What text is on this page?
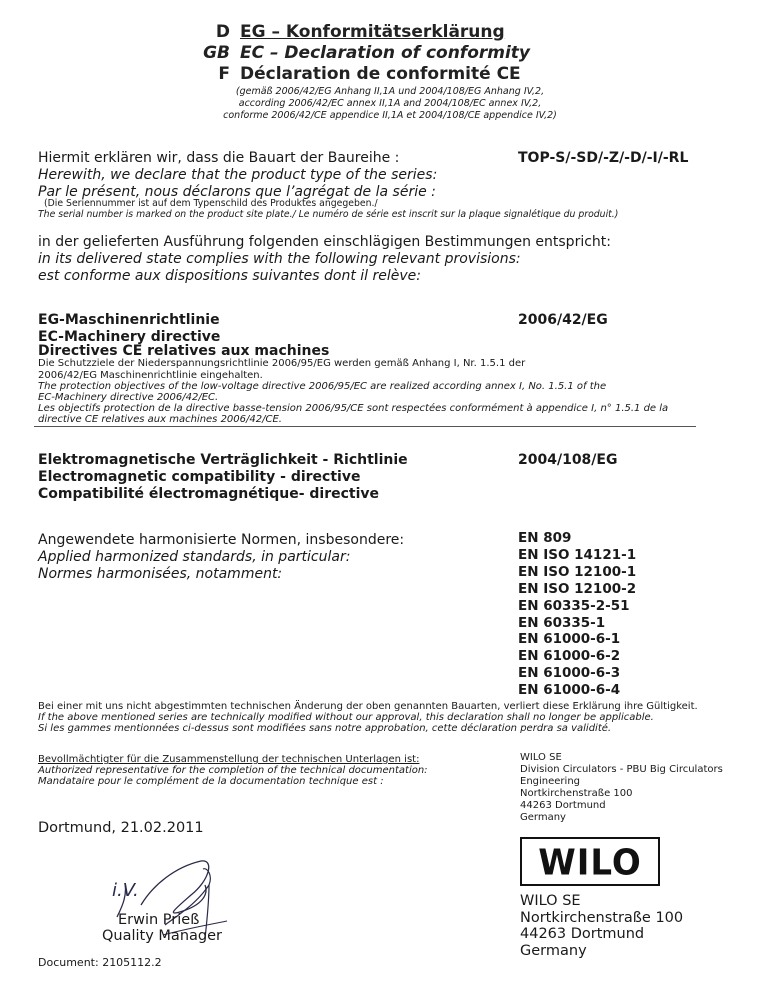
D EG – Konformitätserklärung
GB EC – Declaration of conformity
F Déclaration de conformité CE
(gemäß 2006/42/EG Anhang II,1A und 2004/108/EG Anhang IV,2,
according 2006/42/EC annex II,1A and 2004/108/EC annex IV,2,
conforme 2006/42/CE appendice II,1A et 2004/108/CE appendice IV,2)
Hiermit erklären wir, dass die Bauart der Baureihe :
Herewith, we declare that the product type of the series:
Par le présent, nous déclarons que l’agrégat de la série :
TOP-S/-SD/-Z/-D/-I/-RL
(Die Seriennummer ist auf dem Typenschild des Produktes angegeben./
The serial number is marked on the product site plate./ Le numéro de série est inscrit sur la plaque signalétique du produit.)
in der gelieferten Ausführung folgenden einschlägigen Bestimmungen entspricht:
in its delivered state complies with the following relevant provisions:
est conforme aux dispositions suivantes dont il relève:
EG-Maschinenrichtlinie
EC-Machinery directive
Directives CE relatives aux machines
2006/42/EG
Die Schutzziele der Niederspannungsrichtlinie 2006/95/EG werden gemäß Anhang I, Nr. 1.5.1 der
2006/42/EG Maschinenrichtlinie eingehalten.
The protection objectives of the low-voltage directive 2006/95/EC are realized according annex I, No. 1.5.1 of the
EC-Machinery directive 2006/42/EC.
Les objectifs protection de la directive basse-tension 2006/95/CE sont respectées conformément à appendice I, n° 1.5.1 de la
directive CE relatives aux machines 2006/42/CE.
Elektromagnetische Verträglichkeit - Richtlinie
Electromagnetic compatibility - directive
Compatibilité électromagnétique- directive
2004/108/EG
Angewendete harmonisierte Normen, insbesondere:
Applied harmonized standards, in particular:
Normes harmonisées, notamment:
EN 809
EN ISO 14121-1
EN ISO 12100-1
EN ISO 12100-2
EN 60335-2-51
EN 60335-1
EN 61000-6-1
EN 61000-6-2
EN 61000-6-3
EN 61000-6-4
Bei einer mit uns nicht abgestimmten technischen Änderung der oben genannten Bauarten, verliert diese Erklärung ihre Gültigkeit.
If the above mentioned series are technically modified without our approval, this declaration shall no longer be applicable.
Si les gammes mentionnées ci-dessus sont modifiées sans notre approbation, cette déclaration perdra sa validité.
Bevollmächtigter für die Zusammenstellung der technischen Unterlagen ist:
Authorized representative for the completion of the technical documentation:
Mandataire pour le complément de la documentation technique est :
WILO SE
Division Circulators - PBU Big Circulators
Engineering
Nortkirchenstraße 100
44263 Dortmund
Germany
Dortmund, 21.02.2011
i.V.
Erwin Prieß
Quality Manager
WILO
WILO SE
Nortkirchenstraße 100
44263 Dortmund
Germany
Document: 2105112.2
